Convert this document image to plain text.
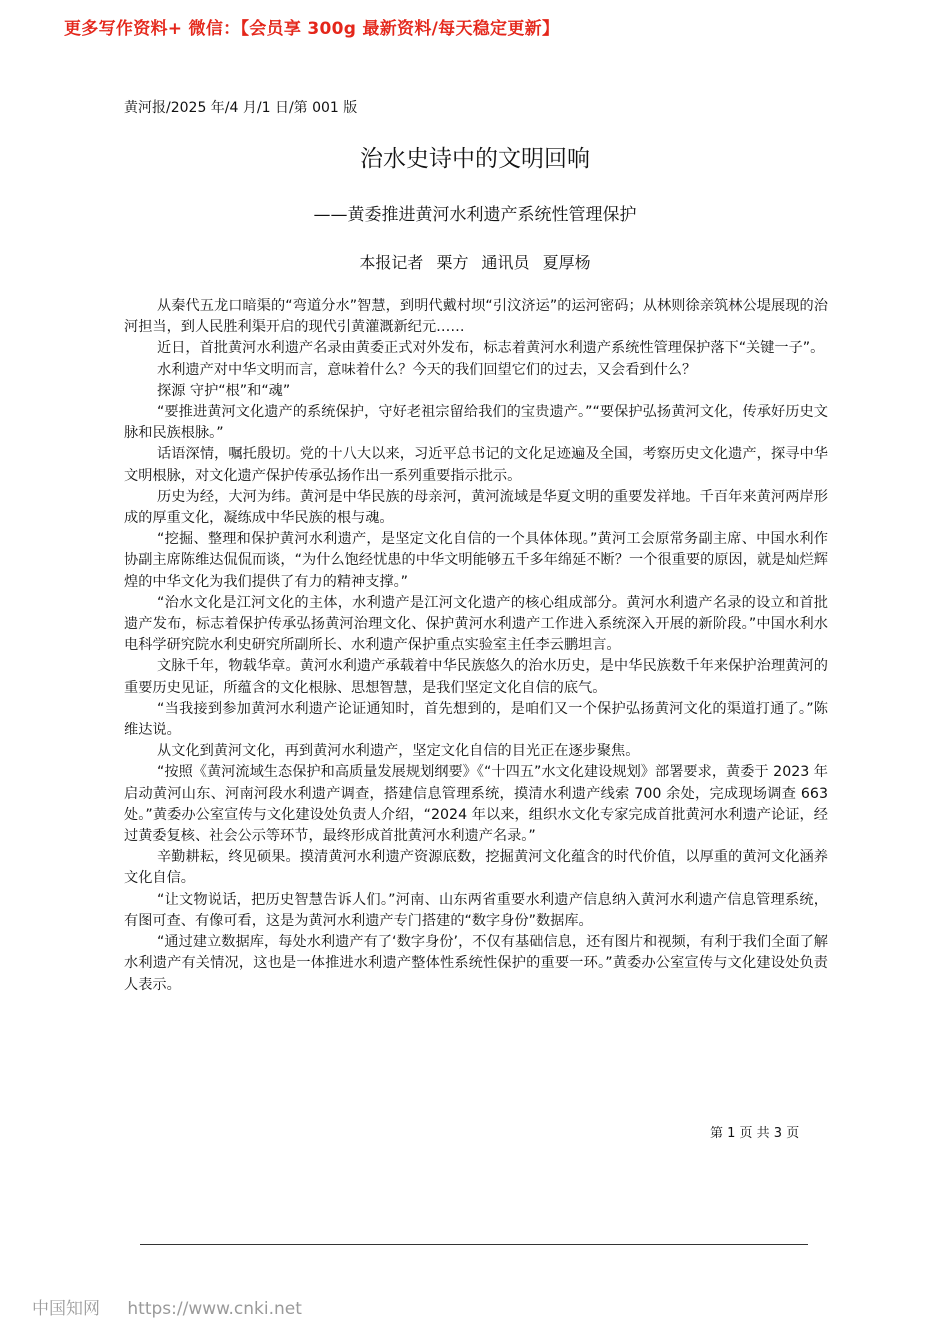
更多写作资料+ 微信：【会员享 300g 最新资料/每天稳定更新】
黄河报/2025 年/4 月/1 日/第 001 版
治水史诗中的文明回响
——黄委推进黄河水利遗产系统性管理保护
本报记者 栗方 通讯员 夏厚杨

从秦代五龙口暗渠的“弯道分水”智慧，到明代戴村坝“引汶济运”的运河密码；从林则徐亲筑林公堤展现的治河担当，到人民胜利渠开启的现代引黄灌溉新纪元……

近日，首批黄河水利遗产名录由黄委正式对外发布，标志着黄河水利遗产系统性管理保护落下“关键一子”。

水利遗产对中华文明而言，意味着什么？今天的我们回望它们的过去，又会看到什么？

探源 守护“根”和“魂”

“要推进黄河文化遗产的系统保护，守好老祖宗留给我们的宝贵遗产。”“要保护弘扬黄河文化，传承好历史文脉和民族根脉。”

话语深情，嘱托殷切。党的十八大以来，习近平总书记的文化足迹遍及全国，考察历史文化遗产，探寻中华文明根脉，对文化遗产保护传承弘扬作出一系列重要指示批示。

历史为经，大河为纬。黄河是中华民族的母亲河，黄河流域是华夏文明的重要发祥地。千百年来黄河两岸形成的厚重文化，凝练成中华民族的根与魂。

“挖掘、整理和保护黄河水利遗产，是坚定文化自信的一个具体体现。”黄河工会原常务副主席、中国水利作协副主席陈维达侃侃而谈，“为什么饱经忧患的中华文明能够五千多年绵延不断？一个很重要的原因，就是灿烂辉煌的中华文化为我们提供了有力的精神支撑。”

“治水文化是江河文化的主体，水利遗产是江河文化遗产的核心组成部分。黄河水利遗产名录的设立和首批遗产发布，标志着保护传承弘扬黄河治理文化、保护黄河水利遗产工作进入系统深入开展的新阶段。”中国水利水电科学研究院水利史研究所副所长、水利遗产保护重点实验室主任李云鹏坦言。

文脉千年，物载华章。黄河水利遗产承载着中华民族悠久的治水历史，是中华民族数千年来保护治理黄河的重要历史见证，所蕴含的文化根脉、思想智慧，是我们坚定文化自信的底气。

“当我接到参加黄河水利遗产论证通知时，首先想到的，是咱们又一个保护弘扬黄河文化的渠道打通了。”陈维达说。

从文化到黄河文化，再到黄河水利遗产，坚定文化自信的目光正在逐步聚焦。

“按照《黄河流域生态保护和高质量发展规划纲要》《“十四五”水文化建设规划》部署要求，黄委于 2023 年启动黄河山东、河南河段水利遗产调查，搭建信息管理系统，摸清水利遗产线索 700 余处，完成现场调查 663 处。”黄委办公室宣传与文化建设处负责人介绍，“2024 年以来，组织水文化专家完成首批黄河水利遗产论证，经过黄委复核、社会公示等环节，最终形成首批黄河水利遗产名录。”

辛勤耕耘，终见硕果。摸清黄河水利遗产资源底数，挖掘黄河文化蕴含的时代价值，以厚重的黄河文化涵养文化自信。

“让文物说话，把历史智慧告诉人们。”河南、山东两省重要水利遗产信息纳入黄河水利遗产信息管理系统，有图可查、有像可看，这是为黄河水利遗产专门搭建的“数字身份”数据库。

“通过建立数据库，每处水利遗产有了‘数字身份’，不仅有基础信息，还有图片和视频，有利于我们全面了解水利遗产有关情况，这也是一体推进水利遗产整体性系统性保护的重要一环。”黄委办公室宣传与文化建设处负责人表示。

第 1 页 共 3 页
中国知网 https://www.cnki.net
